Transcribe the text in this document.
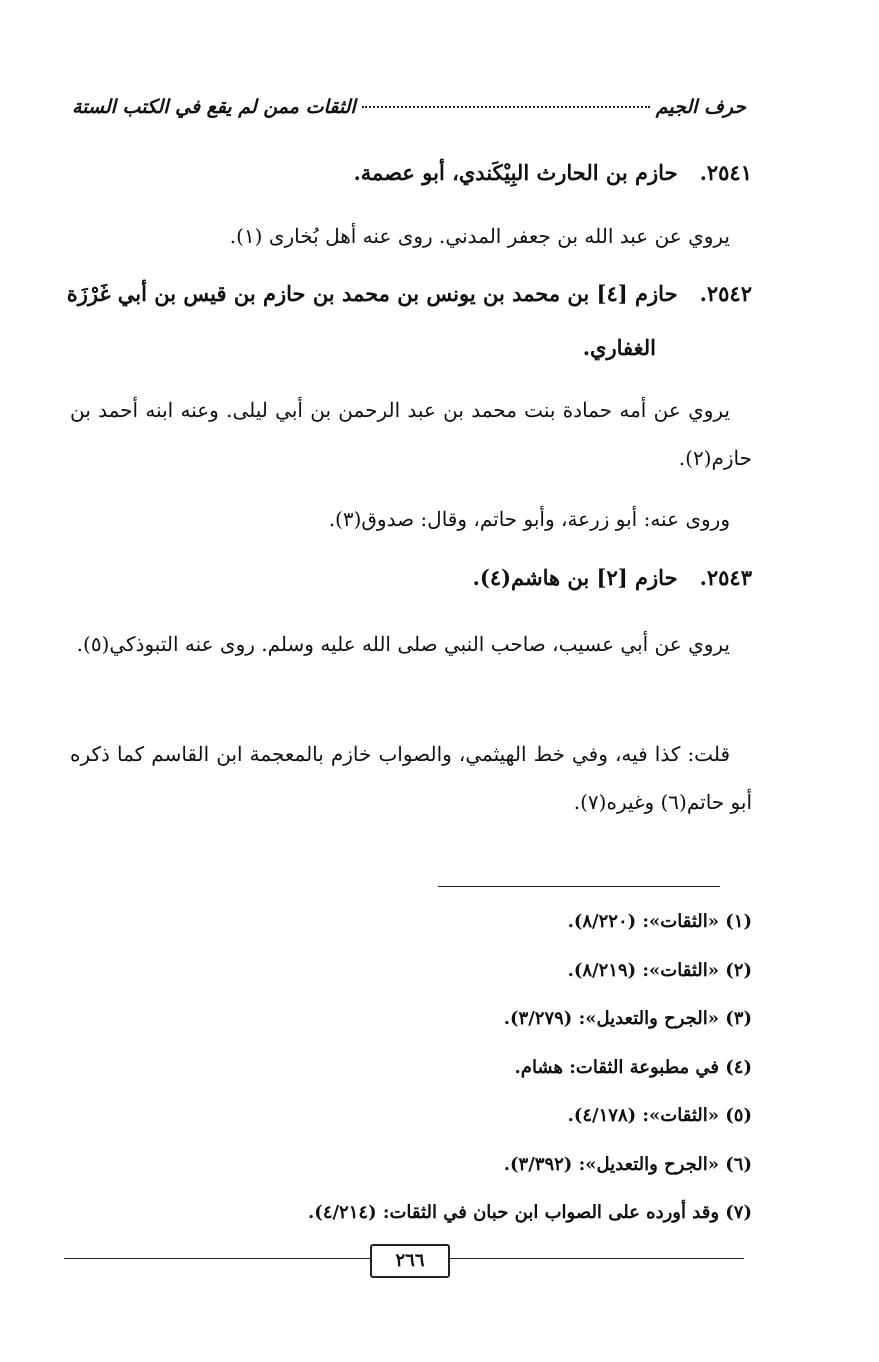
حرف الجيم
الثقات ممن لم يقع في الكتب الستة
٢٥٤١.حازم بن الحارث البِيْكَندي، أبو عصمة.

يروي عن عبد الله بن جعفر المدني. روى عنه أهل بُخارى (١).

٢٥٤٢.حازم [٤] بن محمد بن يونس بن محمد بن حازم بن قيس بن أبي غَرْزَة
الغفاري.

يروي عن أمه حمادة بنت محمد بن عبد الرحمن بن أبي ليلى. وعنه ابنه أحمد بن حازم(٢).

وروى عنه: أبو زرعة، وأبو حاتم، وقال: صدوق(٣).

٢٥٤٣.حازم [٢] بن هاشم(٤).

يروي عن أبي عسيب، صاحب النبي صلى الله عليه وسلم. روى عنه التبوذكي(٥).

قلت: كذا فيه، وفي خط الهيثمي، والصواب خازم بالمعجمة ابن القاسم كما ذكره أبو حاتم(٦) وغيره(٧).

(١) «الثقات»: (٨/٢٢٠).
(٢) «الثقات»: (٨/٢١٩).
(٣) «الجرح والتعديل»: (٣/٢٧٩).
(٤) في مطبوعة الثقات: هشام.
(٥) «الثقات»: (٤/١٧٨).
(٦) «الجرح والتعديل»: (٣/٣٩٢).
(٧) وقد أورده على الصواب ابن حبان في الثقات: (٤/٢١٤).
٢٦٦
